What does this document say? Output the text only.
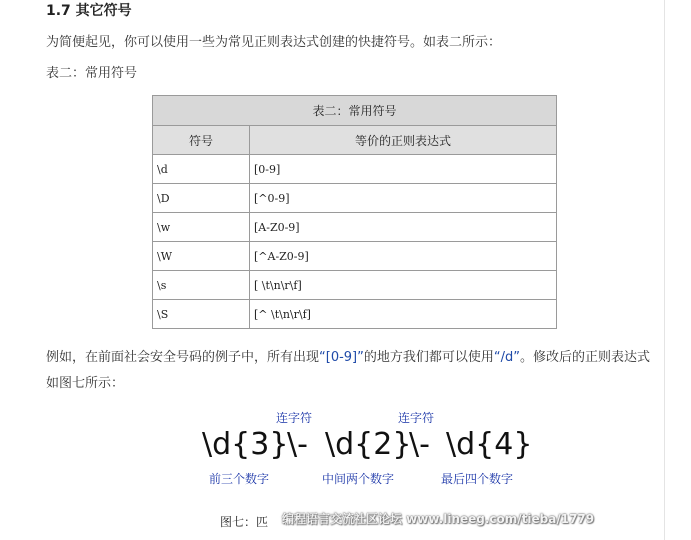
1.7 其它符号
为简便起见，你可以使用一些为常见正则表达式创建的快捷符号。如表二所示：
表二：常用符号
表二：常用符号	
符号	等价的正则表达式
\d	[0-9]
\D	[^0-9]
\w	[A-Z0-9]
\W	[^A-Z0-9]
\s	[ \t\n\r\f]
\S	[^ \t\n\r\f]
例如，在前面社会安全号码的例子中，所有出现“[0-9]”的地方我们都可以使用“/d”。修改后的正则表达式如图七所示：
连字符	连字符
\d{3}
\- \d{2}
\- \d{4}
前三个数字	中间两个数字	最后四个数字
图七：匹 编程语言交流社区论坛 www.lineeg.com/tieba/1779
